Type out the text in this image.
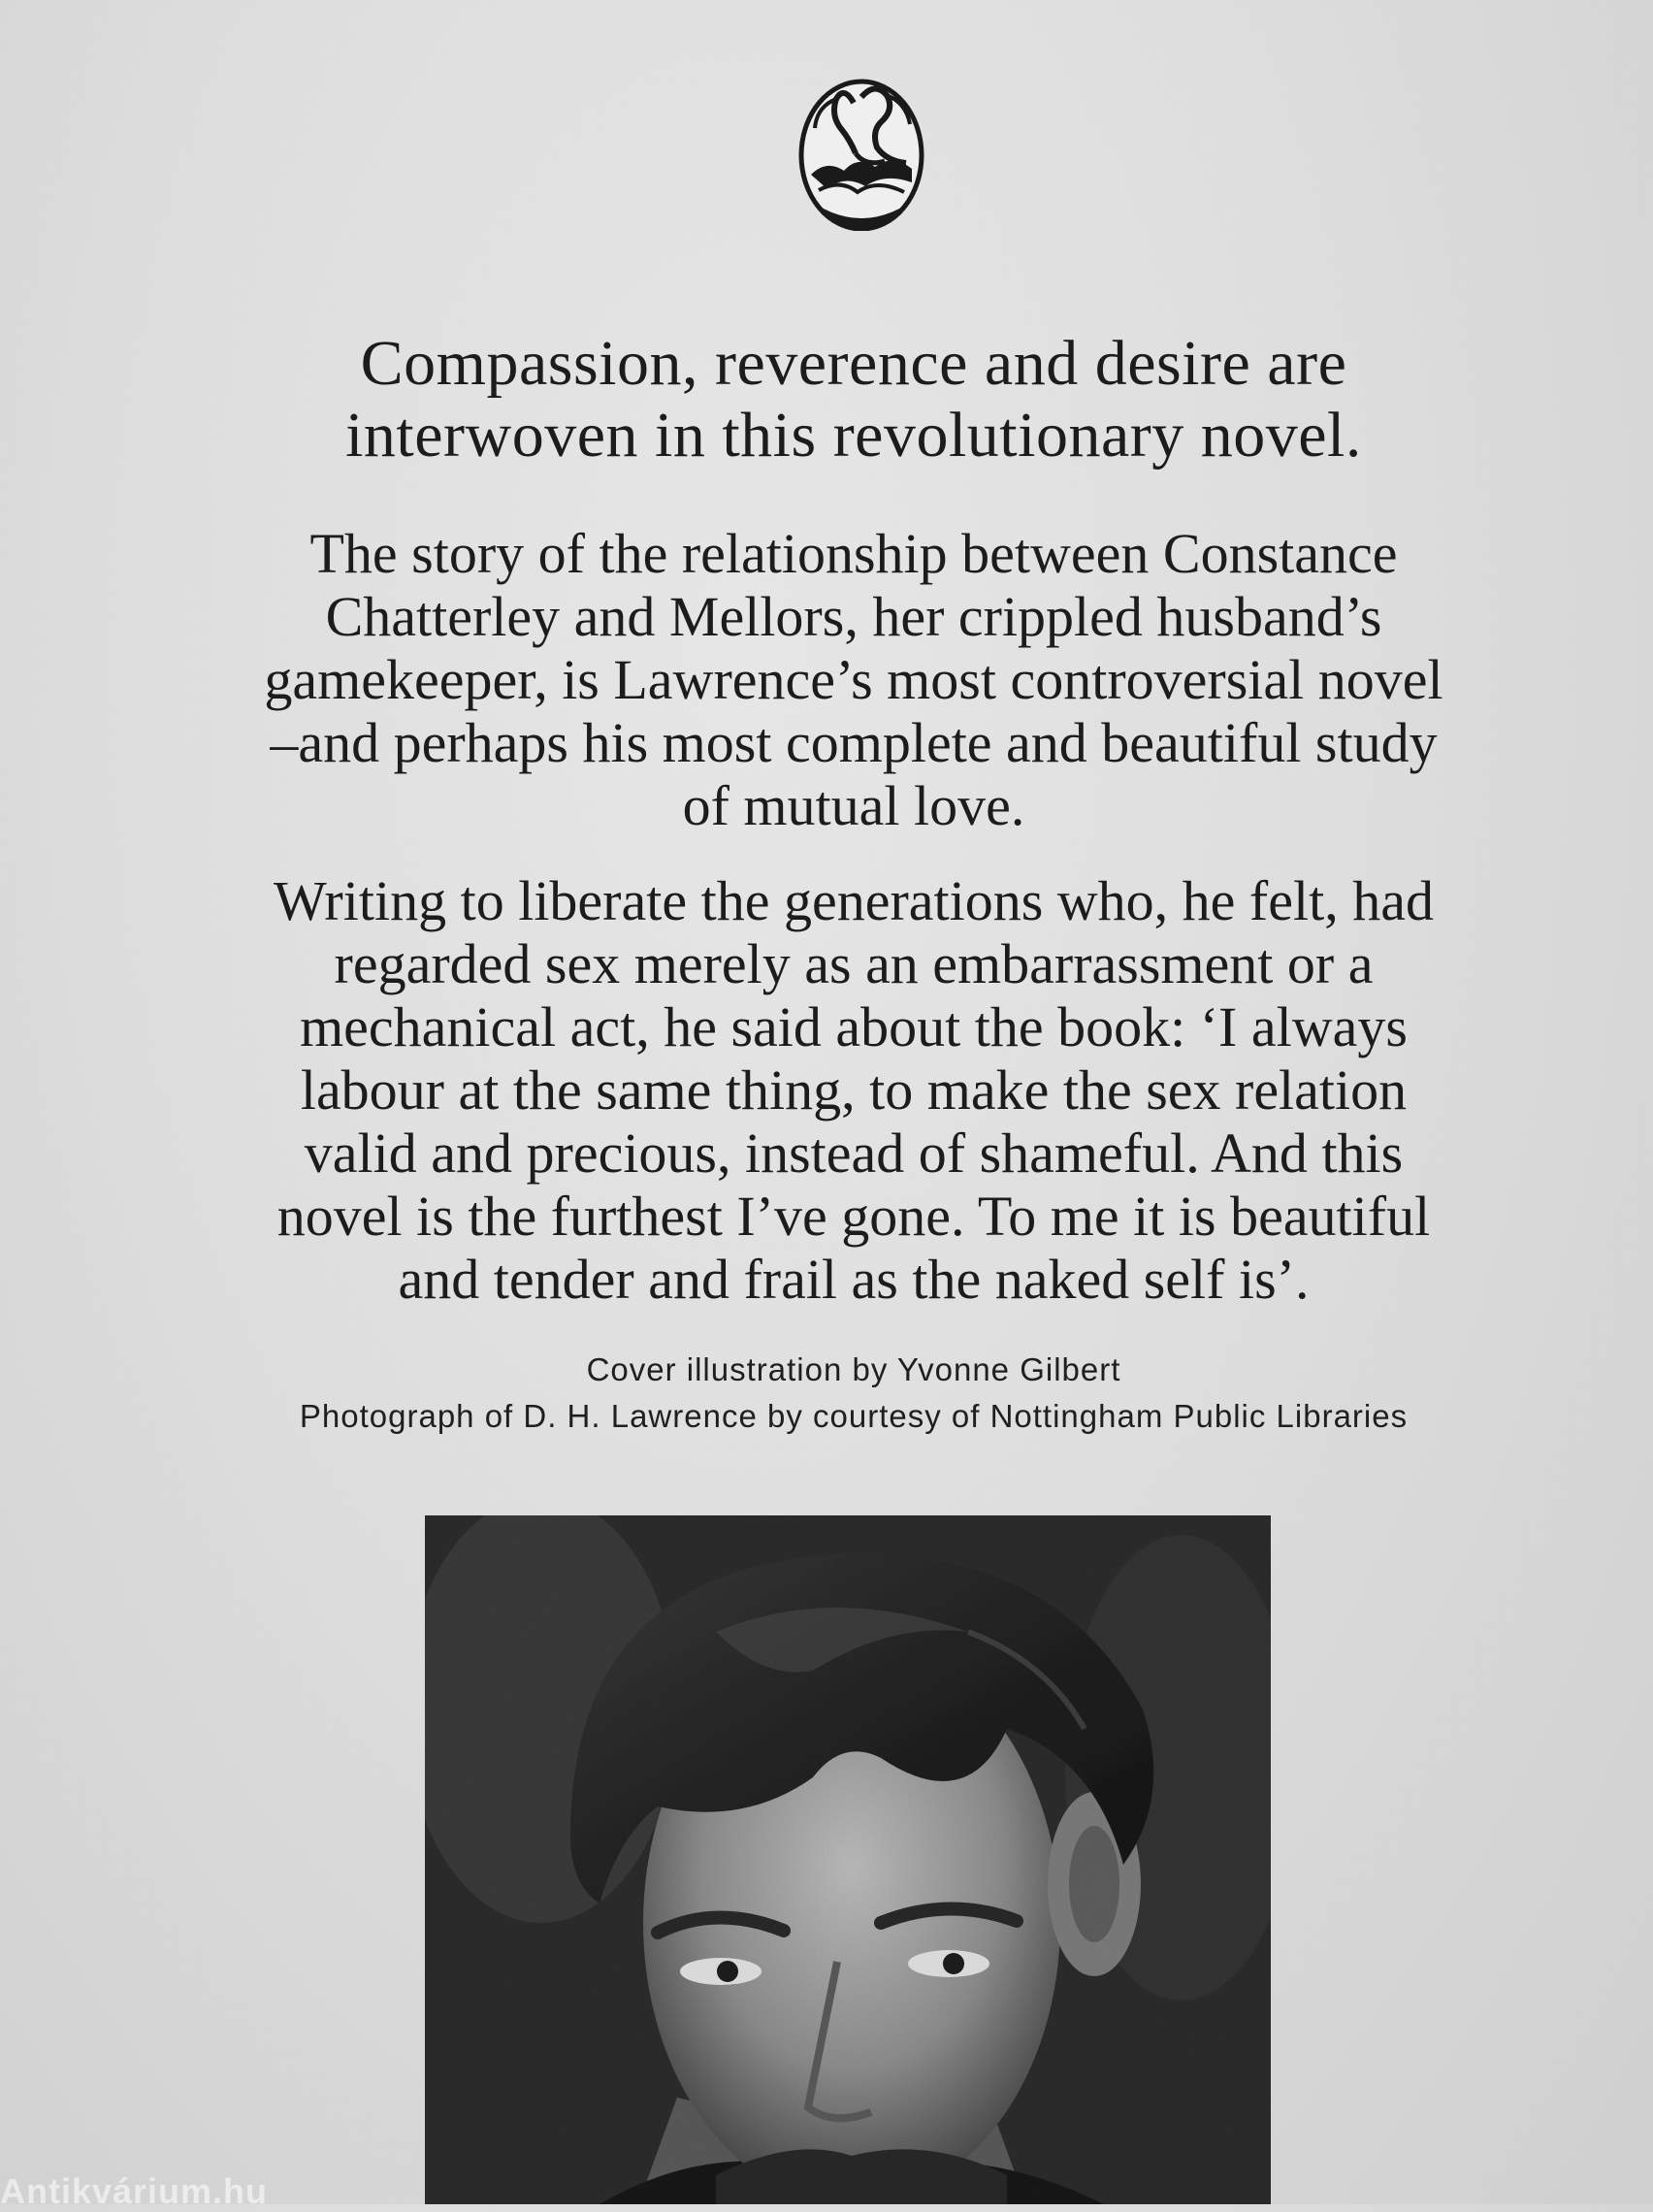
Compassion, reverence and desire are
interwoven in this revolutionary novel.

The story of the relationship between Constance
Chatterley and Mellors, her crippled husband’s
gamekeeper, is Lawrence’s most controversial novel
–and perhaps his most complete and beautiful study
of mutual love.

Writing to liberate the generations who, he felt, had
regarded sex merely as an embarrassment or a
mechanical act, he said about the book: ‘I always
labour at the same thing, to make the sex relation
valid and precious, instead of shameful. And this
novel is the furthest I’ve gone. To me it is beautiful
and tender and frail as the naked self is’.

Cover illustration by Yvonne Gilbert
Photograph of D. H. Lawrence by courtesy of Nottingham Public Libraries
Antikvárium.hu
